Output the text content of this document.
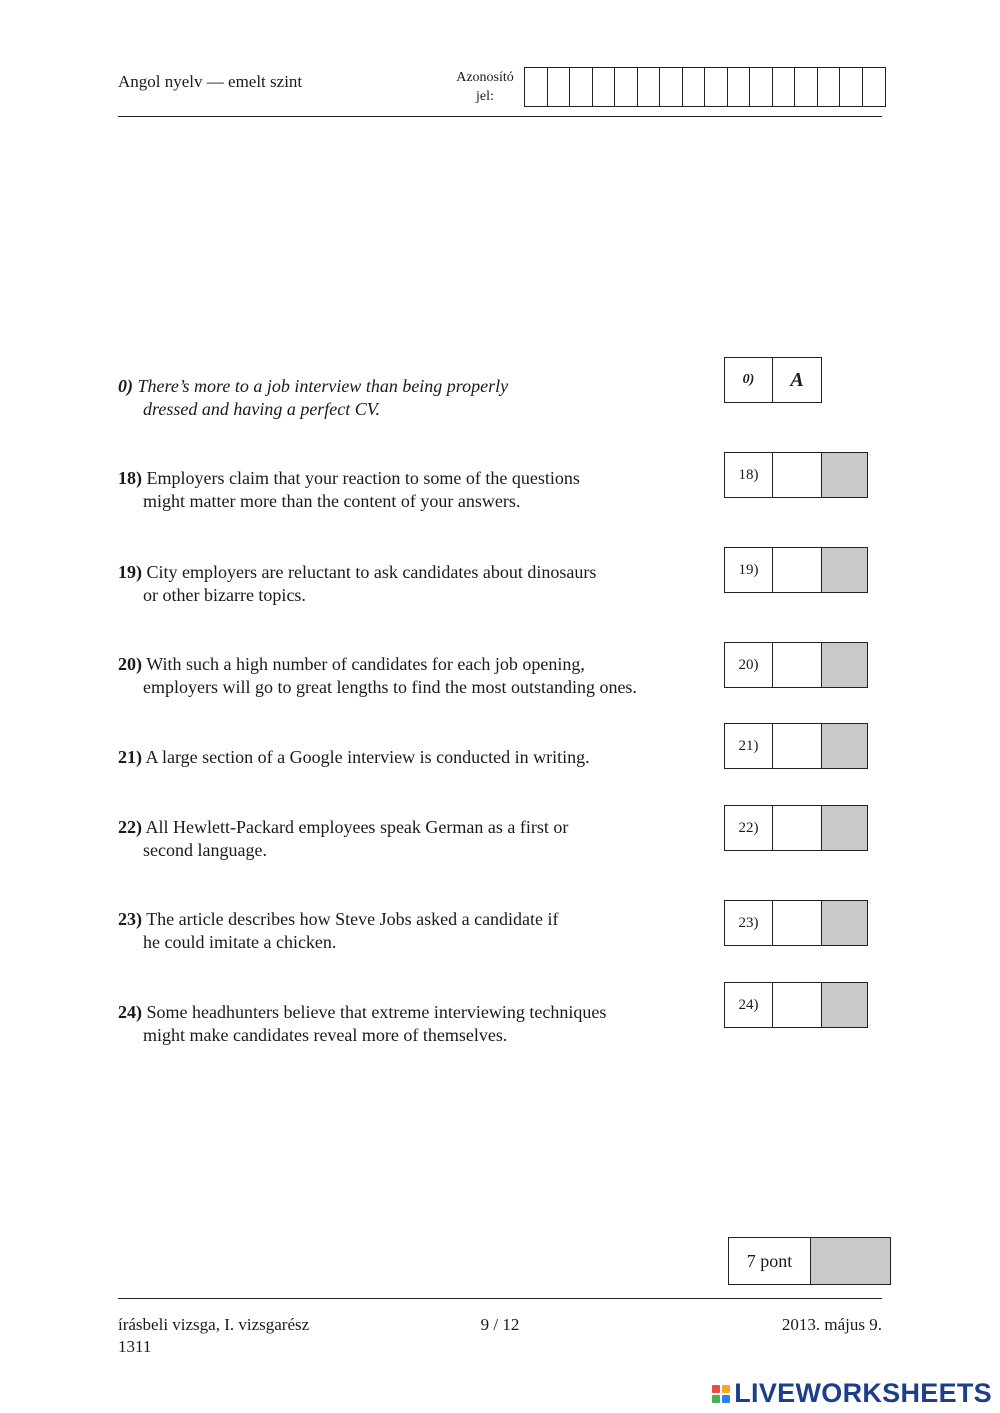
Angol nyelv — emelt szint	Azonosító
jel:
0) There’s more to a job interview than being properly
dressed and having a perfect CV.
0)	A
18) Employers claim that your reaction to some of the questions
might matter more than the content of your answers.
18)
19) City employers are reluctant to ask candidates about dinosaurs
or other bizarre topics.
19)
20) With such a high number of candidates for each job opening,
employers will go to great lengths to find the most outstanding ones.
20)
21) A large section of a Google interview is conducted in writing.
21)
22) All Hewlett-Packard employees speak German as a first or
second language.
22)
23) The article describes how Steve Jobs asked a candidate if
he could imitate a chicken.
23)
24) Some headhunters believe that extreme interviewing techniques
might make candidates reveal more of themselves.
24)
7 pont
írásbeli vizsga, I. vizsgarész
1311
9 / 12	2013. május 9.
LIVEWORKSHEETS
